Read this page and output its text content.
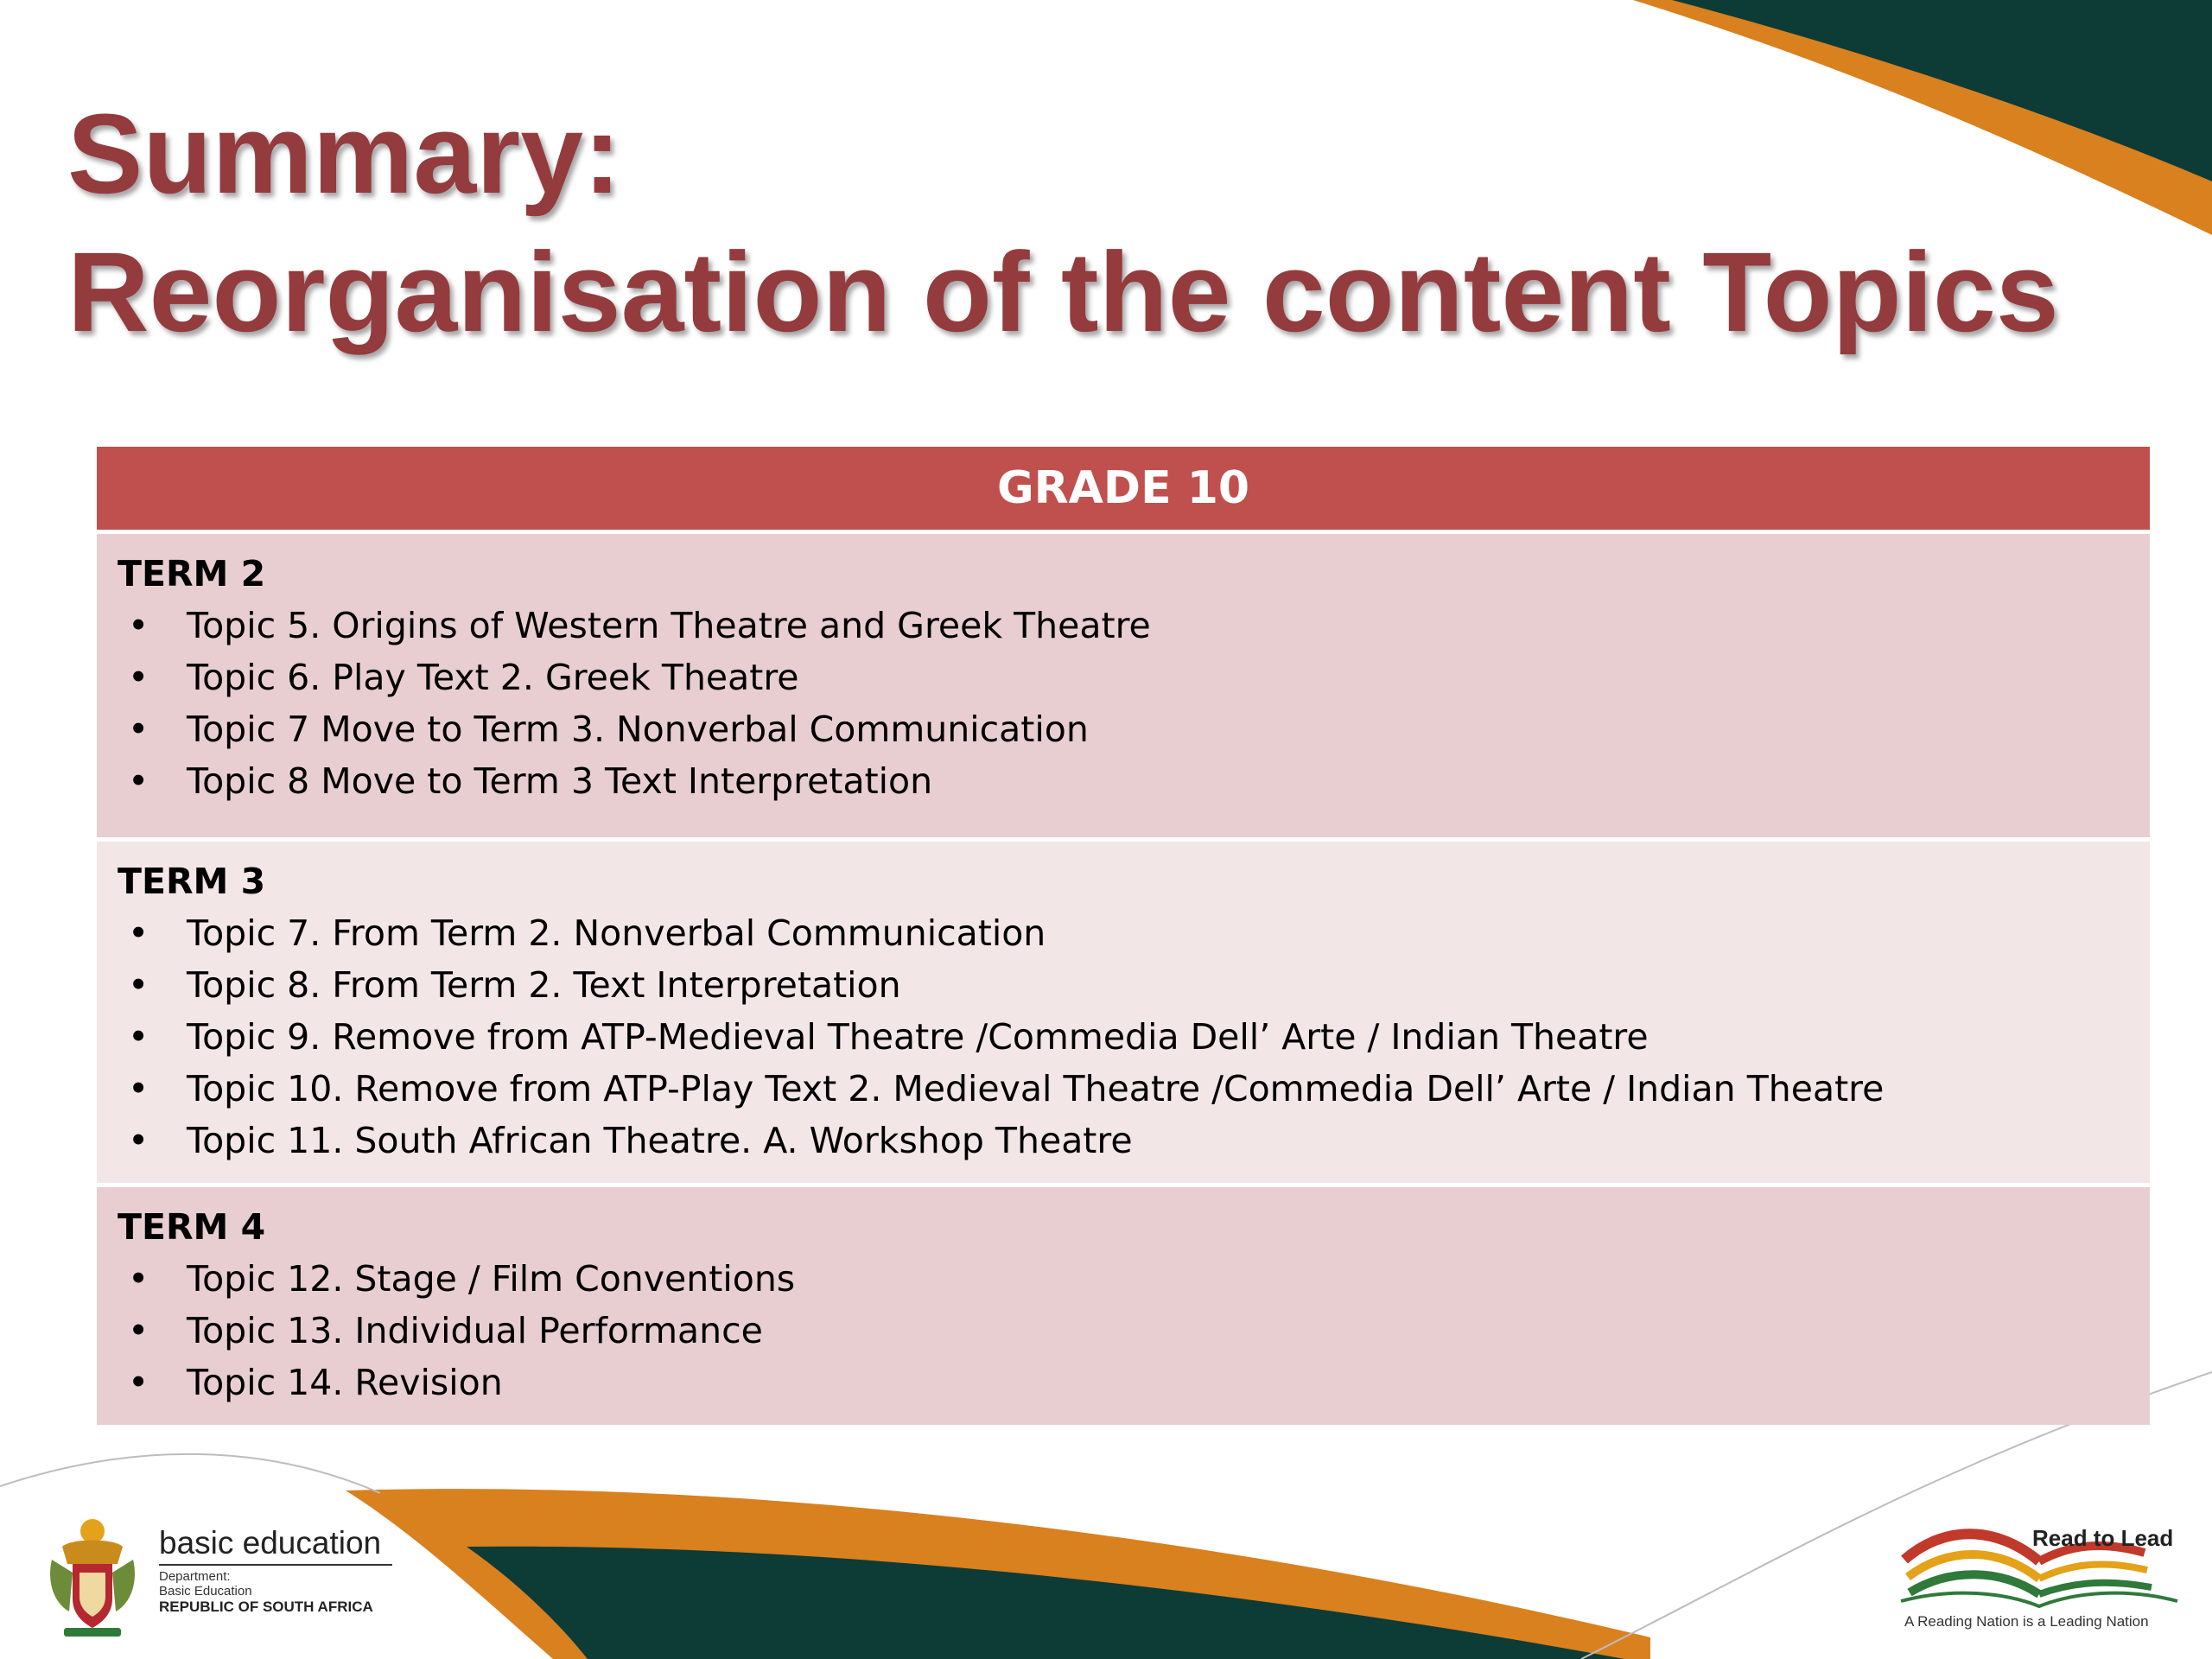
Summary:
Reorganisation of the content Topics
GRADE 10
TERM 2
• Topic 5. Origins of Western Theatre and Greek Theatre
• Topic 6. Play Text 2. Greek Theatre
• Topic 7 Move to Term 3. Nonverbal Communication
• Topic 8 Move to Term 3 Text Interpretation
TERM 3
• Topic 7. From Term 2. Nonverbal Communication
• Topic 8. From Term 2. Text Interpretation
• Topic 9. Remove from ATP-Medieval Theatre /Commedia Dell’ Arte / Indian Theatre
• Topic 10. Remove from ATP-Play Text 2. Medieval Theatre /Commedia Dell’ Arte / Indian Theatre
• Topic 11. South African Theatre. A. Workshop Theatre
TERM 4
• Topic 12. Stage / Film Conventions
• Topic 13. Individual Performance
• Topic 14. Revision
basic education
Department:
Basic Education
REPUBLIC OF SOUTH AFRICA
Read to Lead
A Reading Nation is a Leading Nation
